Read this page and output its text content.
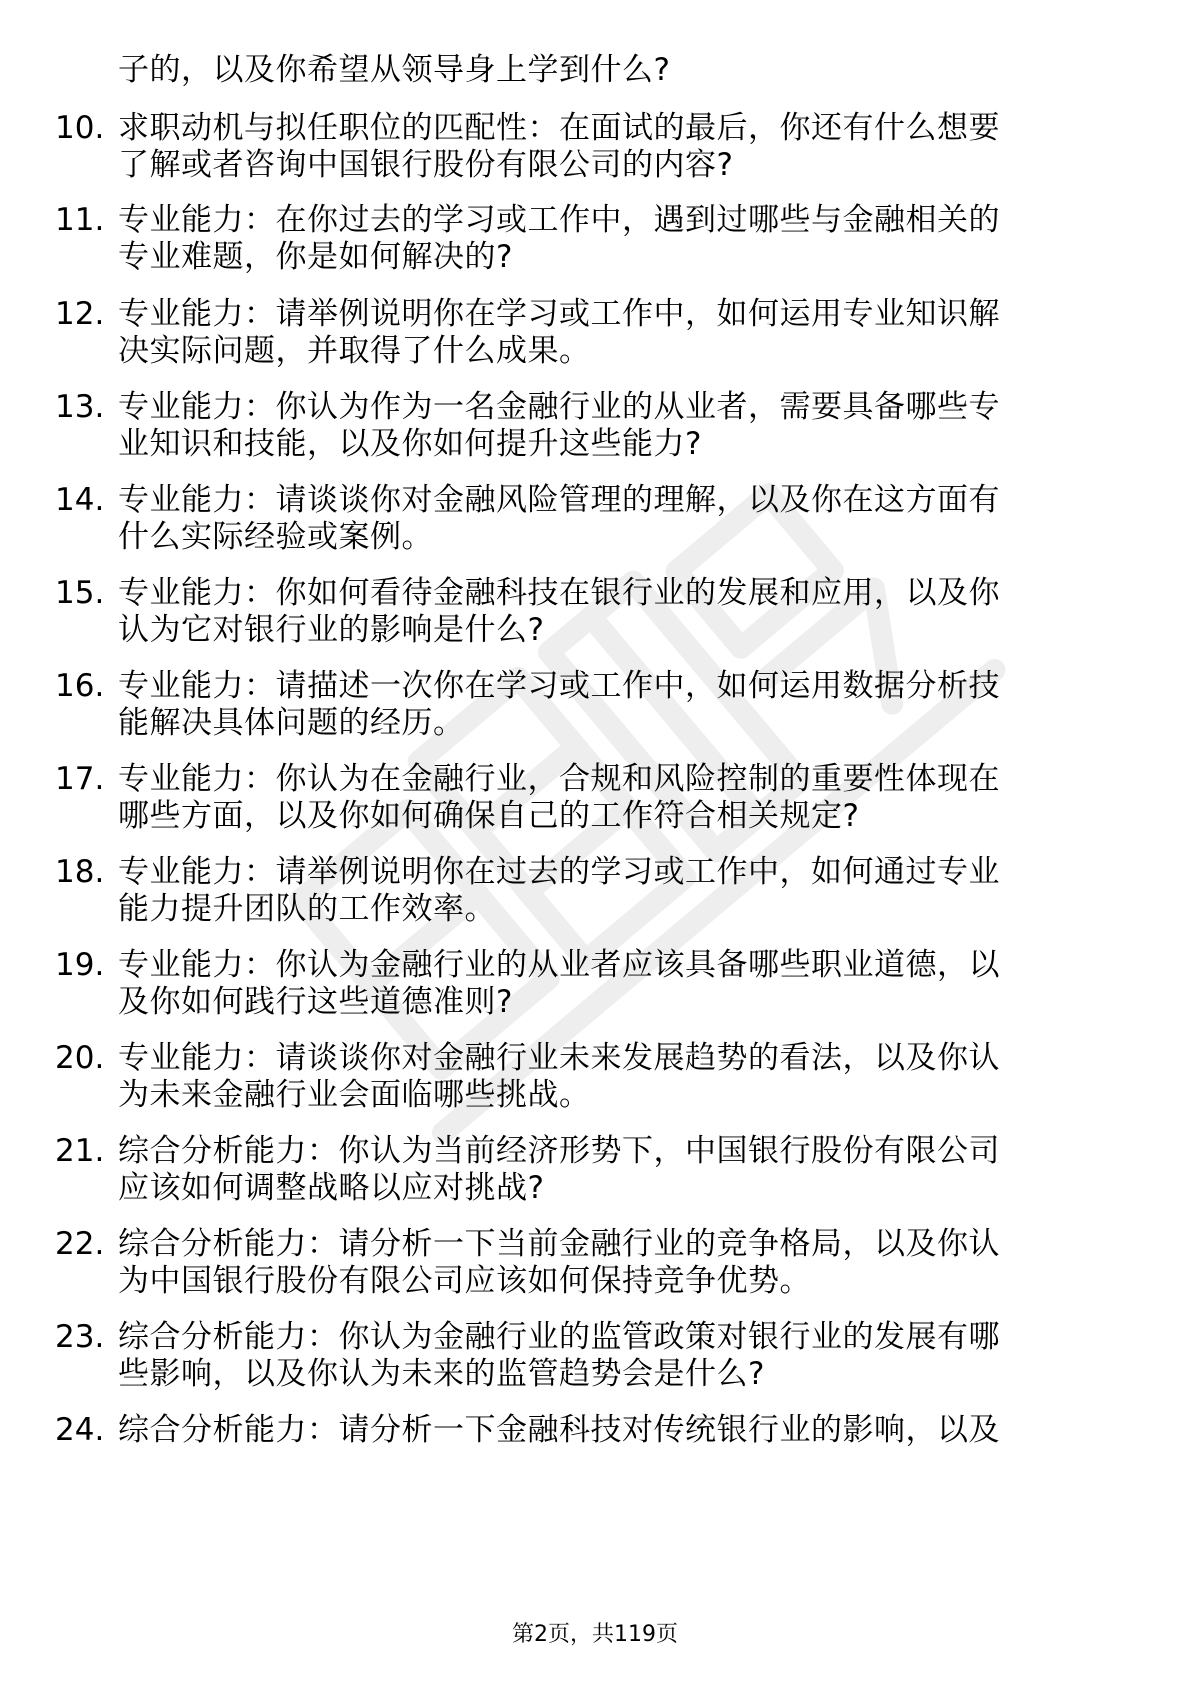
子的，以及你希望从领导身上学到什么?
10. 求职动机与拟任职位的匹配性：在面试的最后，你还有什么想要
了解或者咨询中国银行股份有限公司的内容?
11. 专业能力：在你过去的学习或工作中，遇到过哪些与金融相关的
专业难题，你是如何解决的?
12. 专业能力：请举例说明你在学习或工作中，如何运用专业知识解
决实际问题，并取得了什么成果。
13. 专业能力：你认为作为一名金融行业的从业者，需要具备哪些专
业知识和技能，以及你如何提升这些能力?
14. 专业能力：请谈谈你对金融风险管理的理解，以及你在这方面有
什么实际经验或案例。
15. 专业能力：你如何看待金融科技在银行业的发展和应用，以及你
认为它对银行业的影响是什么?
16. 专业能力：请描述一次你在学习或工作中，如何运用数据分析技
能解决具体问题的经历。
17. 专业能力：你认为在金融行业，合规和风险控制的重要性体现在
哪些方面，以及你如何确保自己的工作符合相关规定?
18. 专业能力：请举例说明你在过去的学习或工作中，如何通过专业
能力提升团队的工作效率。
19. 专业能力：你认为金融行业的从业者应该具备哪些职业道德，以
及你如何践行这些道德准则?
20. 专业能力：请谈谈你对金融行业未来发展趋势的看法，以及你认
为未来金融行业会面临哪些挑战。
21. 综合分析能力：你认为当前经济形势下，中国银行股份有限公司
应该如何调整战略以应对挑战?
22. 综合分析能力：请分析一下当前金融行业的竞争格局，以及你认
为中国银行股份有限公司应该如何保持竞争优势。
23. 综合分析能力：你认为金融行业的监管政策对银行业的发展有哪
些影响，以及你认为未来的监管趋势会是什么?
24. 综合分析能力：请分析一下金融科技对传统银行业的影响，以及
第2页，共119页
